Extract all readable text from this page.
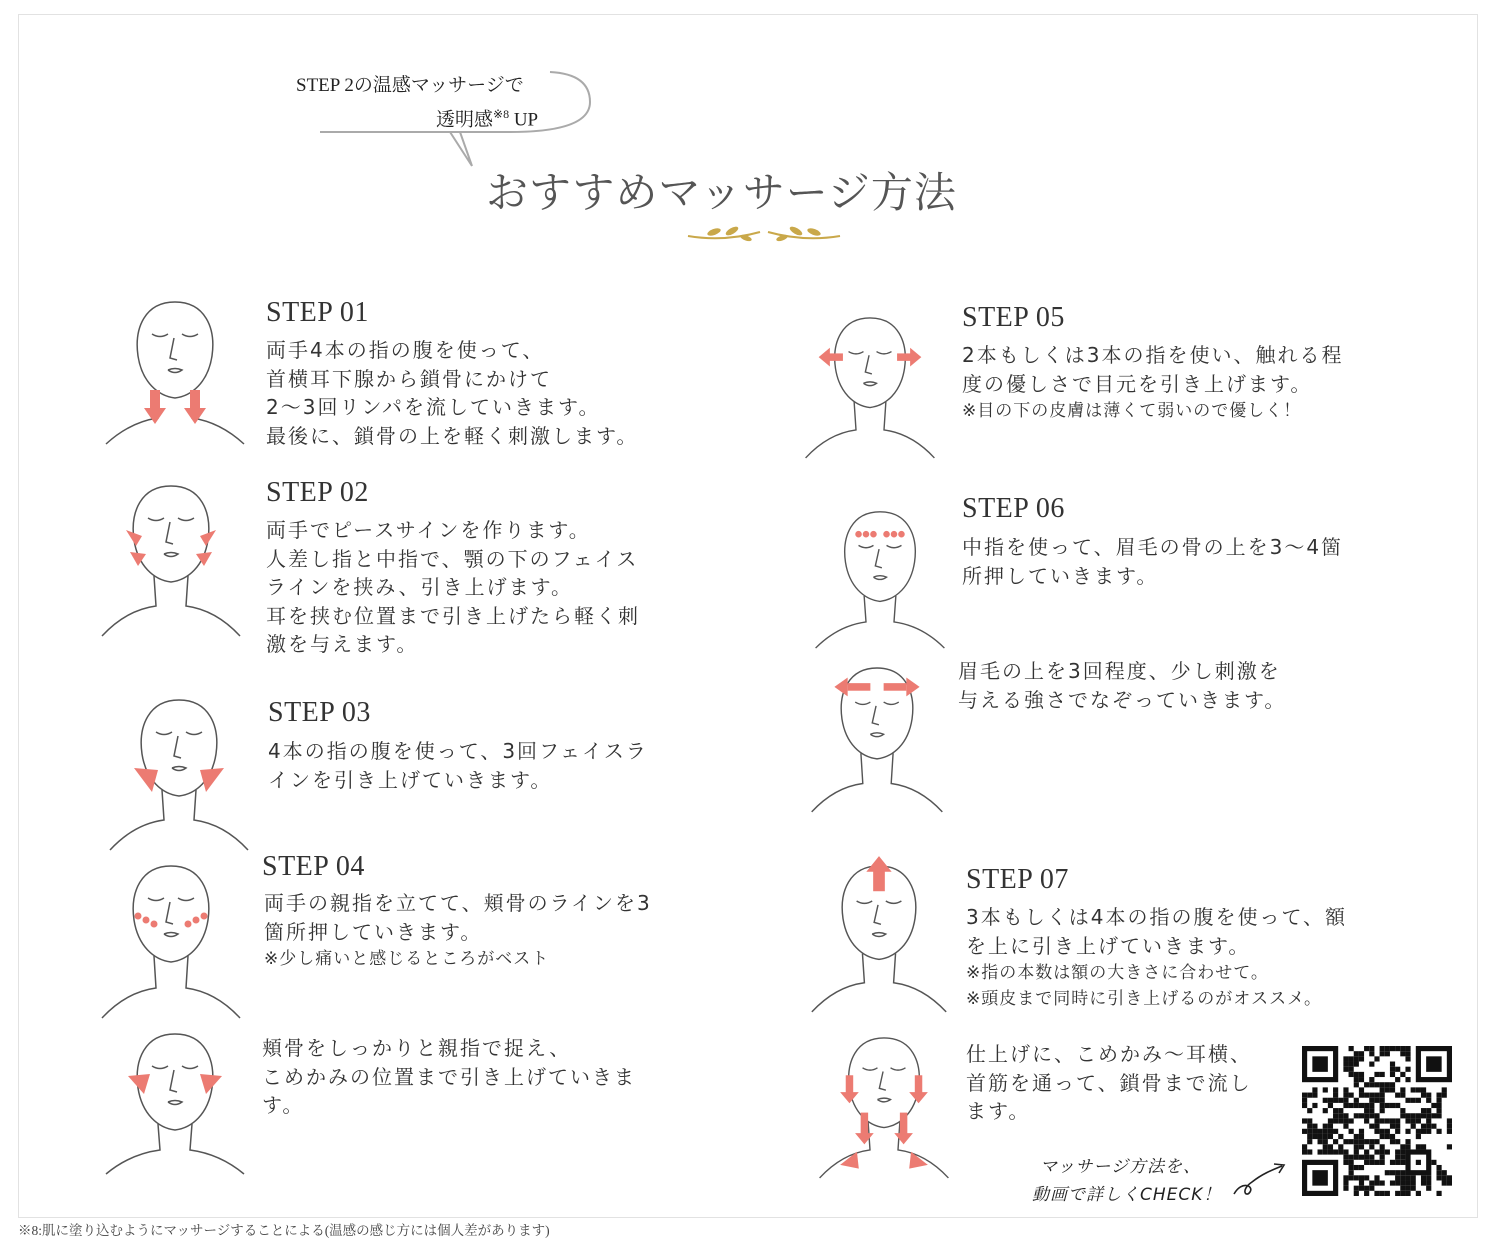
STEP 2の温感マッサージで
透明感$^{※8}$ UP
おすすめマッサージ方法
STEP 01
両手4本の指の腹を使って、
首横耳下腺から鎖骨にかけて
2〜3回リンパを流していきます。
最後に、鎖骨の上を軽く刺激します。
STEP 02
両手でピースサインを作ります。
人差し指と中指で、顎の下のフェイス
ラインを挟み、引き上げます。
耳を挟む位置まで引き上げたら軽く刺
激を与えます。
STEP 03
4本の指の腹を使って、3回フェイスラ
インを引き上げていきます。
STEP 04
両手の親指を立てて、頬骨のラインを3
箇所押していきます。
※少し痛いと感じるところがベスト
頬骨をしっかりと親指で捉え、
こめかみの位置まで引き上げていきま
す。
STEP 05
2本もしくは3本の指を使い、触れる程
度の優しさで目元を引き上げます。
※目の下の皮膚は薄くて弱いので優しく！
STEP 06
中指を使って、眉毛の骨の上を3〜4箇
所押していきます。
眉毛の上を3回程度、少し刺激を
与える強さでなぞっていきます。
STEP 07
3本もしくは4本の指の腹を使って、額
を上に引き上げていきます。
※指の本数は額の大きさに合わせて。
※頭皮まで同時に引き上げるのがオススメ。
仕上げに、こめかみ〜耳横、
首筋を通って、鎖骨まで流し
ます。
マッサージ方法を、
動画で詳しくCHECK！
※8:肌に塗り込むようにマッサージすることによる(温感の感じ方には個人差があります)
